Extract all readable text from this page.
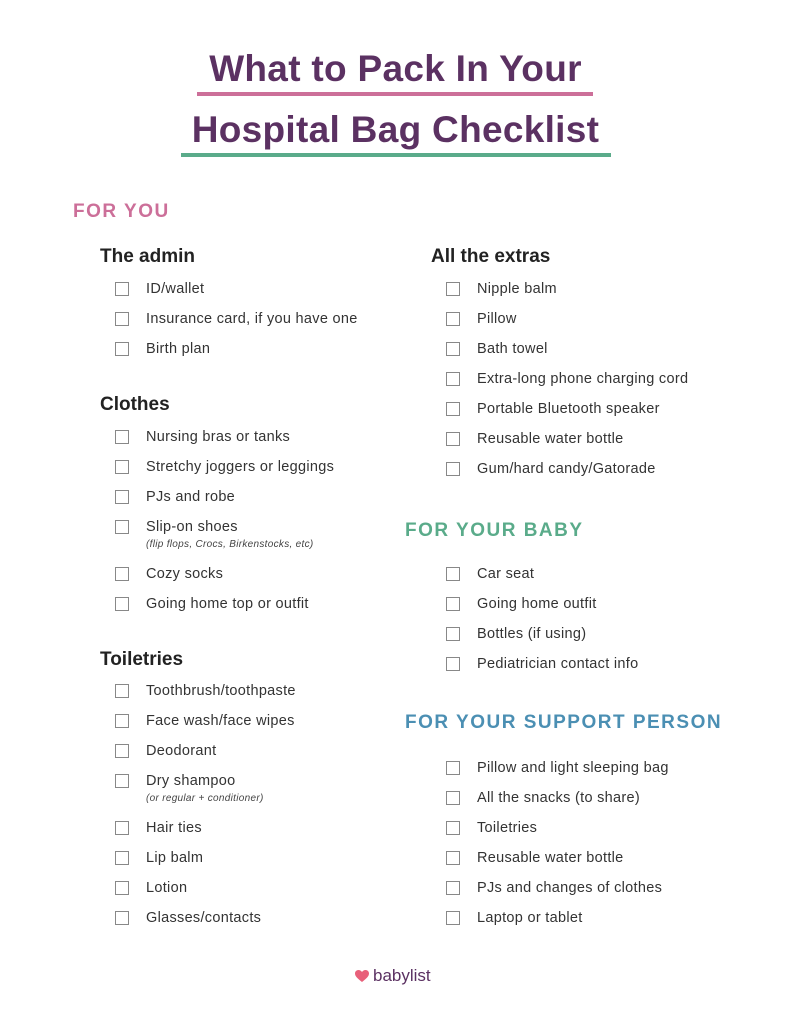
What to Pack In Your
Hospital Bag Checklist
FOR YOU
The admin
ID/wallet
Insurance card, if you have one
Birth plan
Clothes
Nursing bras or tanks
Stretchy joggers or leggings
PJs and robe
Slip-on shoes
(flip flops, Crocs, Birkenstocks, etc)
Cozy socks
Going home top or outfit
Toiletries
Toothbrush/toothpaste
Face wash/face wipes
Deodorant
Dry shampoo
(or regular + conditioner)
Hair ties
Lip balm
Lotion
Glasses/contacts
All the extras
Nipple balm
Pillow
Bath towel
Extra-long phone charging cord
Portable Bluetooth speaker
Reusable water bottle
Gum/hard candy/Gatorade
FOR YOUR BABY
Car seat
Going home outfit
Bottles (if using)
Pediatrician contact info
FOR YOUR SUPPORT PERSON
Pillow and light sleeping bag
All the snacks (to share)
Toiletries
Reusable water bottle
PJs and changes of clothes
Laptop or tablet
babylist
